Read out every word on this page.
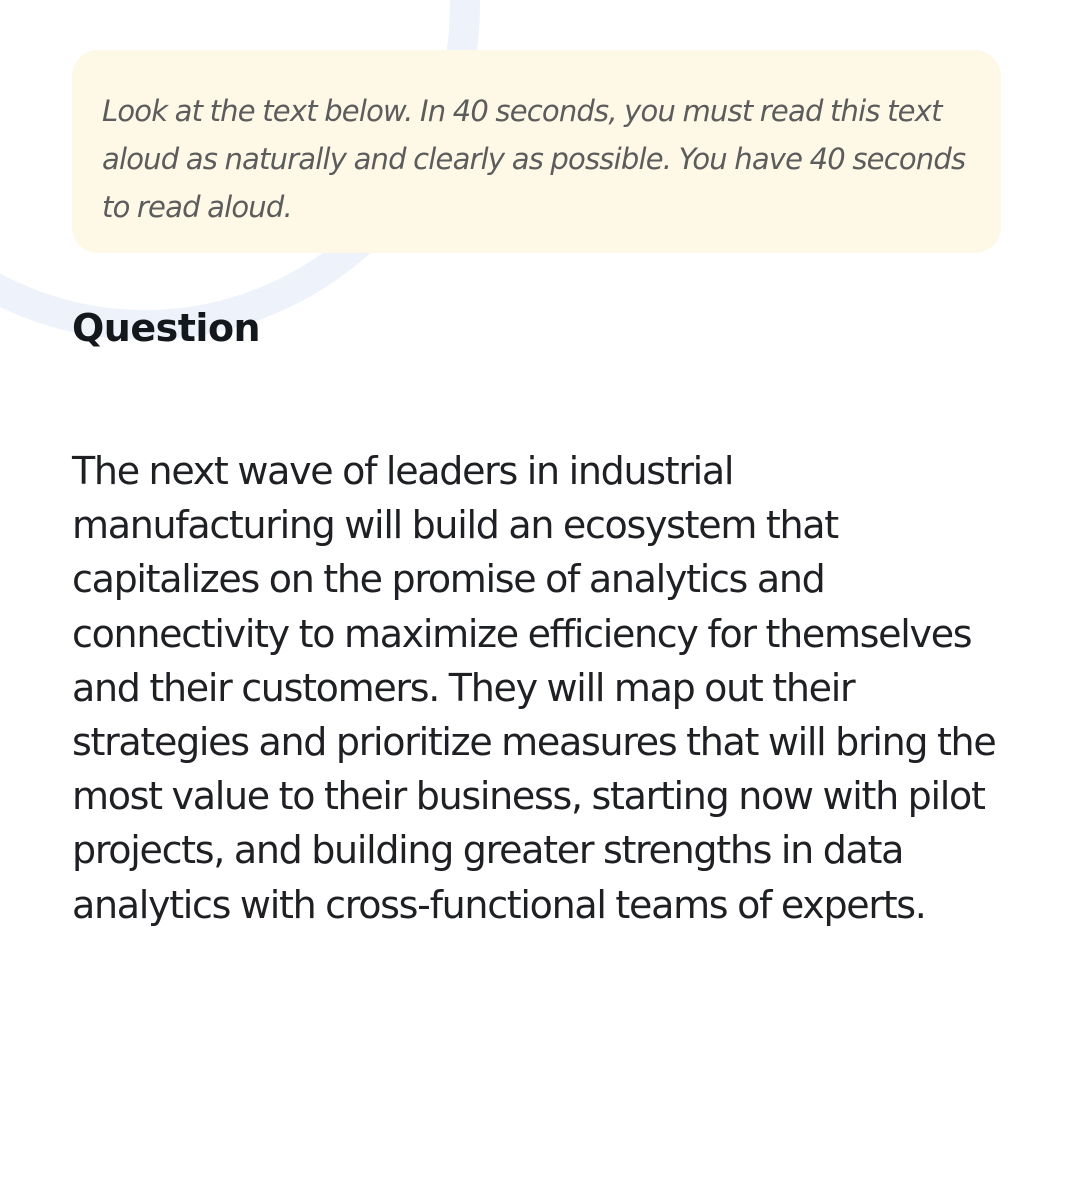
Look at the text below. In 40 seconds, you must read this text aloud as naturally and clearly as possible. You have 40 seconds to read aloud.

Question

The next wave of leaders in industrial manufacturing will build an ecosystem that capitalizes on the promise of analytics and connectivity to maximize efficiency for themselves and their customers. They will map out their strategies and prioritize measures that will bring the most value to their business, starting now with pilot projects, and building greater strengths in data analytics with cross-functional teams of experts.
